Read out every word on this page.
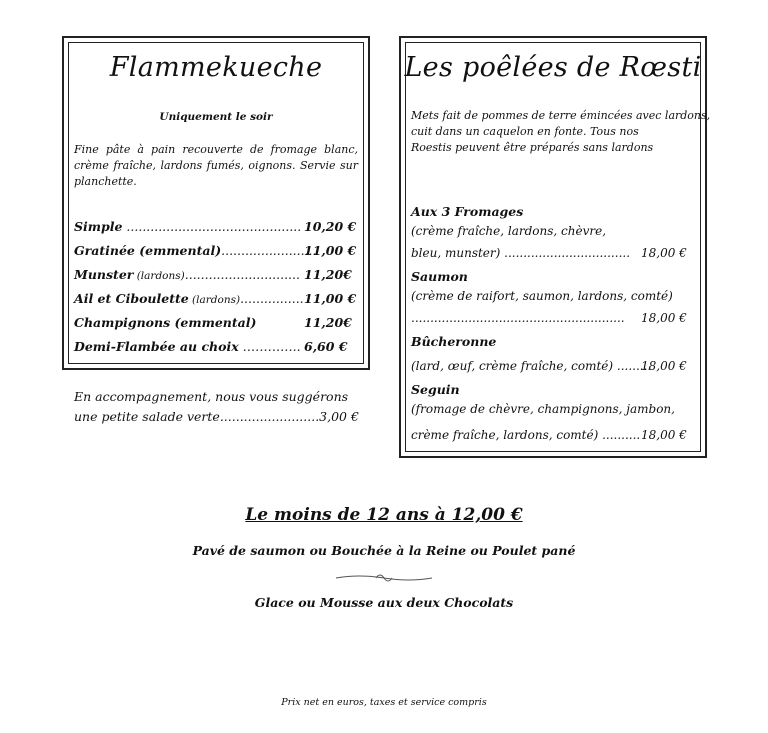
Flammekueche
Uniquement le soir
Fine pâte à pain recouverte de fromage blanc, crème fraîche, lardons fumés, oignons. Servie sur planchette.
Simple ............................................ 10,20 €
Gratinée (emmental)........................
11,00 €
Munster (lardons)............................. 11,20€
Ail et Ciboulette (lardons)................ 11,00 €
Champignons (emmental)	11,20€
Demi-Flambée au choix ………….. 6,60 €
En accompagnement, nous vous suggérons
une petite salade verte.........................3,00 €
Les poêlées de Rœsti
Mets fait de pommes de terre émincées avec lardons,
cuit dans un caquelon en fonte. Tous nos
Roestis peuvent être préparés sans lardons
Aux 3 Fromages
(crème fraîche, lardons, chèvre,
bleu, munster) ................................. 18,00 €
Saumon
(crème de raifort, saumon, lardons, comté)
........................................................ 18,00 €
Bûcheronne
(lard, œuf, crème fraîche, comté) .........
18,00 €
Seguin
(fromage de chèvre, champignons, jambon,
crème fraîche, lardons, comté) .......... 18,00 €
Le moins de 12 ans à 12,00 €
Pavé de saumon ou Bouchée à la Reine ou Poulet pané
Glace ou Mousse aux deux Chocolats
Prix net en euros, taxes et service compris
